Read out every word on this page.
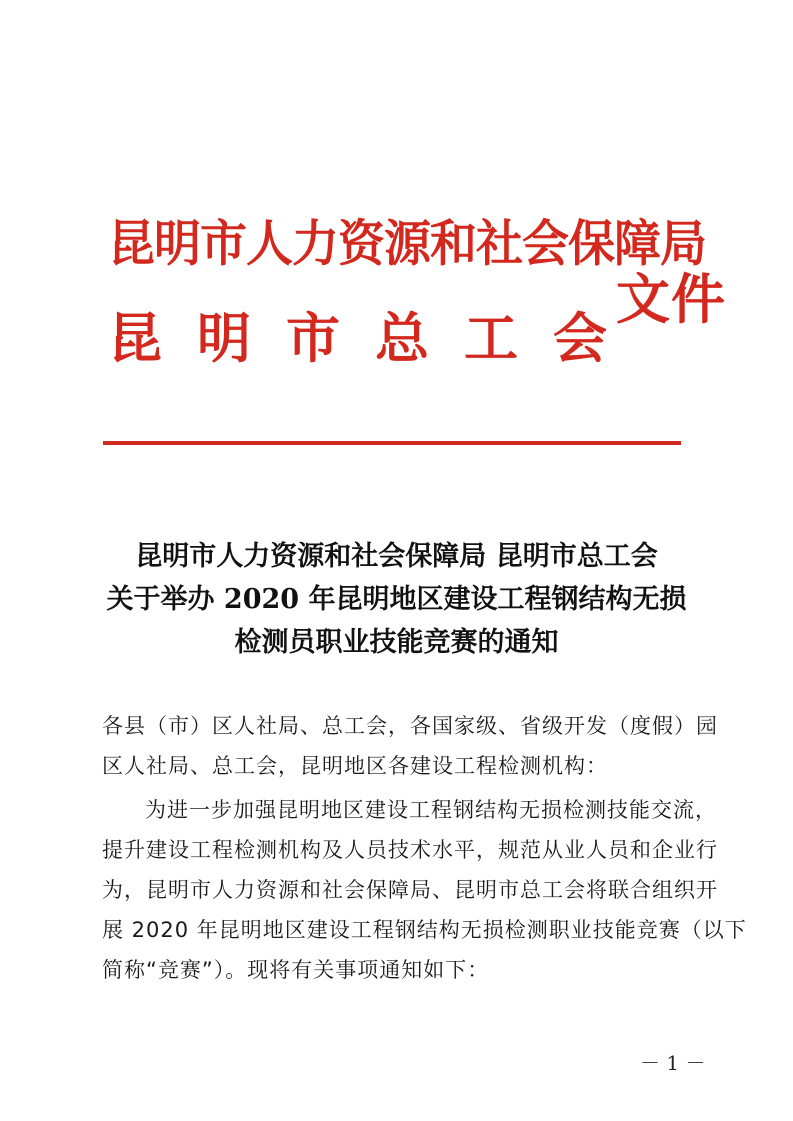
昆明市人力资源和社会保障局
昆明市总工会
文件
昆明市人力资源和社会保障局 昆明市总工会
关于举办 2020 年昆明地区建设工程钢结构无损
检测员职业技能竞赛的通知
各县（市）区人社局、总工会，各国家级、省级开发（度假）园
区人社局、总工会，昆明地区各建设工程检测机构：
为进一步加强昆明地区建设工程钢结构无损检测技能交流，
提升建设工程检测机构及人员技术水平，规范从业人员和企业行
为，昆明市人力资源和社会保障局、昆明市总工会将联合组织开
展 2020 年昆明地区建设工程钢结构无损检测职业技能竞赛（以下
简称“竞赛”）。现将有关事项通知如下：
－ 1 －
